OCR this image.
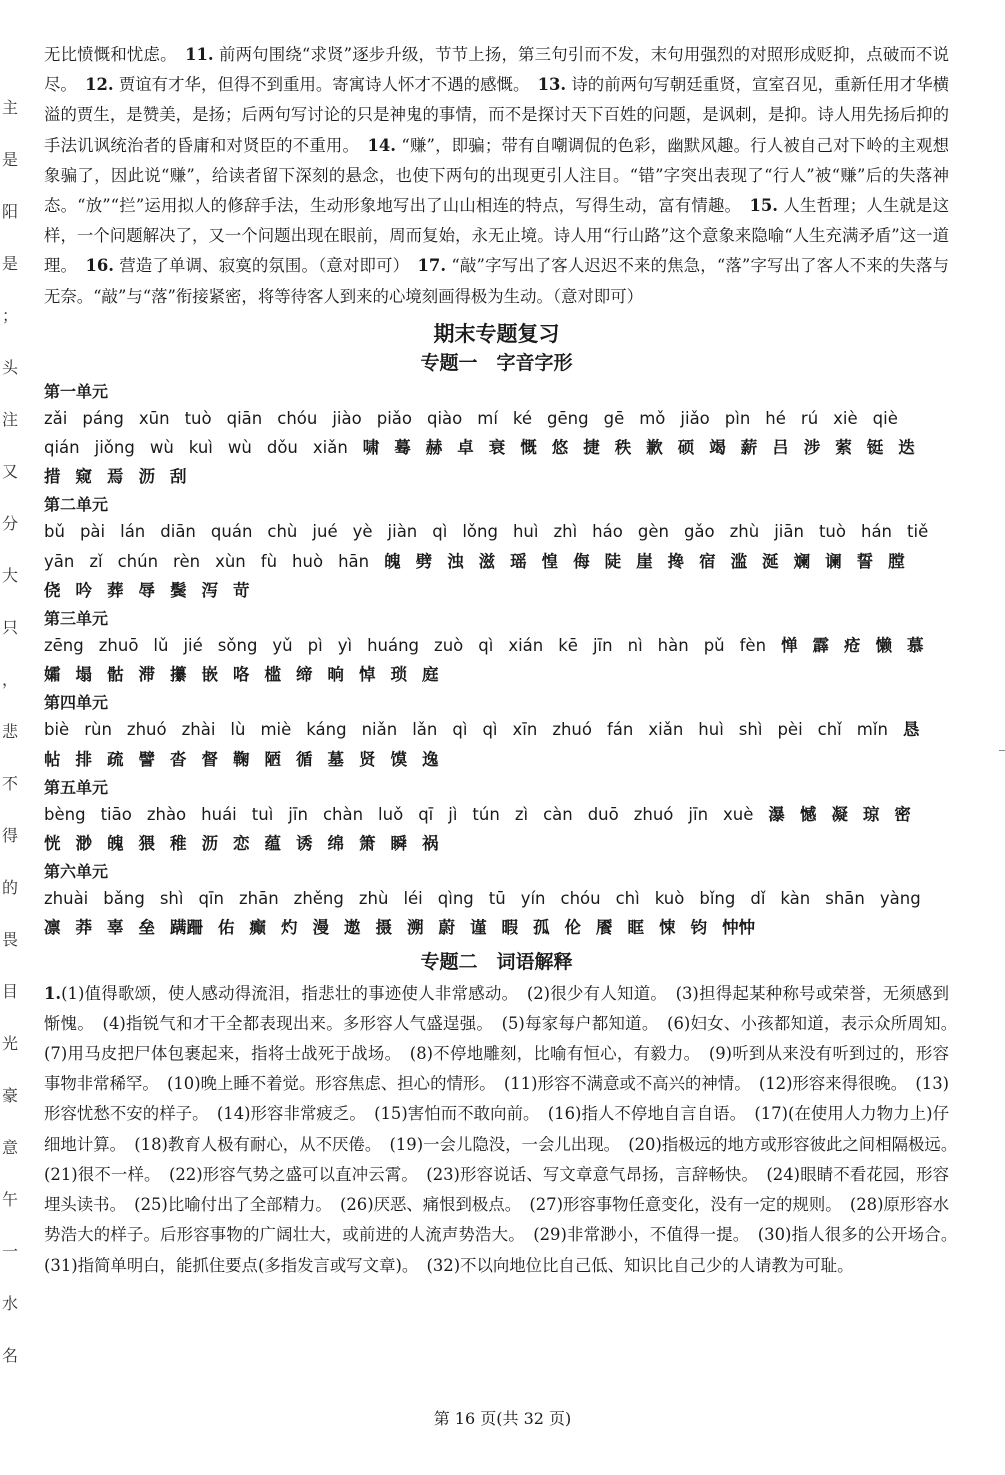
主
是
阳
是
；
头
注
又
分
大
只
，
悲
不
得
的
畏
目
光
豪
意
午
一
水
名

无比愤慨和忧虑。　 11. 前两句围绕“求贤”逐步升级，节节上扬，第三句引而不发，末句用强烈的对照形成贬抑，点破而不说尽。　 12. 贾谊有才华，但得不到重用。寄寓诗人怀才不遇的感慨。　 13. 诗的前两句写朝廷重贤，宣室召见，重新任用才华横溢的贾生，是赞美，是扬；后两句写讨论的只是神鬼的事情，而不是探讨天下百姓的问题，是讽刺，是抑。诗人用先扬后抑的手法讥讽统治者的昏庸和对贤臣的不重用。　 14. “赚”，即骗；带有自嘲调侃的色彩，幽默风趣。行人被自己对下岭的主观想象骗了，因此说“赚”，给读者留下深刻的悬念，也使下两句的出现更引人注目。“错”字突出表现了“行人”被“赚”后的失落神态。“放”“拦”运用拟人的修辞手法，生动形象地写出了山山相连的特点，写得生动，富有情趣。　 15. 人生哲理；人生就是这样，一个问题解决了，又一个问题出现在眼前，周而复始，永无止境。诗人用“行山路”这个意象来隐喻“人生充满矛盾”这一道理。　 16. 营造了单调、寂寞的氛围。（意对即可）　 17. “敲”字写出了客人迟迟不来的焦急，“落”字写出了客人不来的失落与无奈。“敲”与“落”衔接紧密，将等待客人到来的心境刻画得极为生动。（意对即可）

期末专题复习
专题一　字音字形
第一单元
zǎi páng xūn tuò qiān chóu jiào piǎo qiào mí ké gēng gē mǒ jiǎo pìn hé rú xiè qiè
qián jiǒng wù kuì wù dǒu xiǎn 啸 蓦 赫 卓 衰 慨 悠 捷 秩 歉 硕 竭 薪 吕 涉 萦 铤 迭
措 窥 焉 沥 刮
第二单元
bǔ pài lán diān quán chù jué yè jiàn qì lǒng huì zhì háo gèn gǎo zhù jiān tuò hán tiě
yān zǐ chún rèn xùn fù huò hān 魄 劈 浊 滋 瑶 惶 侮 陡 崖 搀 宿 滥 涎 斓 谰 誓 膛
侥 吟 葬 辱 鬓 泻 苛
第三单元
zēng zhuō lǔ jié sǒng yǔ pì yì huáng zuò qì xián kē jīn nì hàn pǔ fèn 惮 霹 疮 懒 慕
孀 塌 骷 滞 攥 嵌 咯 槛 缔 晌 悼 琐 庭
第四单元
biè rùn zhuó zhài lù miè káng niǎn lǎn qì qì xīn zhuó fán xiǎn huì shì pèi chǐ mǐn 恳
帖 排 疏 譬 沓 督 鞠 陋 循 墓 贤 馍 逸
第五单元
bèng tiāo zhào huái tuì jīn chàn luǒ qī jì tún zì càn duō zhuó jīn xuè 瀑 憾 凝 琼 密
恍 渺 魄 猥 稚 沥 恋 蕴 诱 绵 箫 瞬 祸
第六单元
zhuài bǎng shì qīn zhān zhěng zhù léi qìng tū yín chóu chì kuò bǐng dǐ kàn shān yàng
凛 莽 辜 垒 蹒跚 佑 癫 灼 漫 遨 摄 溯 蔚 谨 暇 孤 伦 餍 眶 悚 钧 忡忡
专题二　词语解释

1.(1)值得歌颂，使人感动得流泪，指悲壮的事迹使人非常感动。　 (2)很少有人知道。　 (3)担得起某种称号或荣誉，无须感到惭愧。　 (4)指锐气和才干全都表现出来。多形容人气盛逞强。　 (5)每家每户都知道。　 (6)妇女、小孩都知道，表示众所周知。　(7)用马皮把尸体包裹起来，指将士战死于战场。　 (8)不停地雕刻，比喻有恒心，有毅力。　 (9)听到从来没有听到过的，形容事物非常稀罕。　 (10)晚上睡不着觉。形容焦虑、担心的情形。　 (11)形容不满意或不高兴的神情。　 (12)形容来得很晚。　 (13)形容忧愁不安的样子。　 (14)形容非常疲乏。　 (15)害怕而不敢向前。　 (16)指人不停地自言自语。　 (17)(在使用人力物力上)仔细地计算。　 (18)教育人极有耐心，从不厌倦。　 (19)一会儿隐没，一会儿出现。　 (20)指极远的地方或形容彼此之间相隔极远。　(21)很不一样。　 (22)形容气势之盛可以直冲云霄。　 (23)形容说话、写文章意气昂扬，言辞畅快。　 (24)眼睛不看花园，形容埋头读书。　 (25)比喻付出了全部精力。　 (26)厌恶、痛恨到极点。　 (27)形容事物任意变化，没有一定的规则。　 (28)原形容水势浩大的样子。后形容事物的广阔壮大，或前进的人流声势浩大。　 (29)非常渺小，不值得一提。　 (30)指人很多的公开场合。　(31)指简单明白，能抓住要点(多指发言或写文章)。　 (32)不以向地位比自己低、知识比自己少的人请教为可耻。　

第 16 页(共 32 页)
